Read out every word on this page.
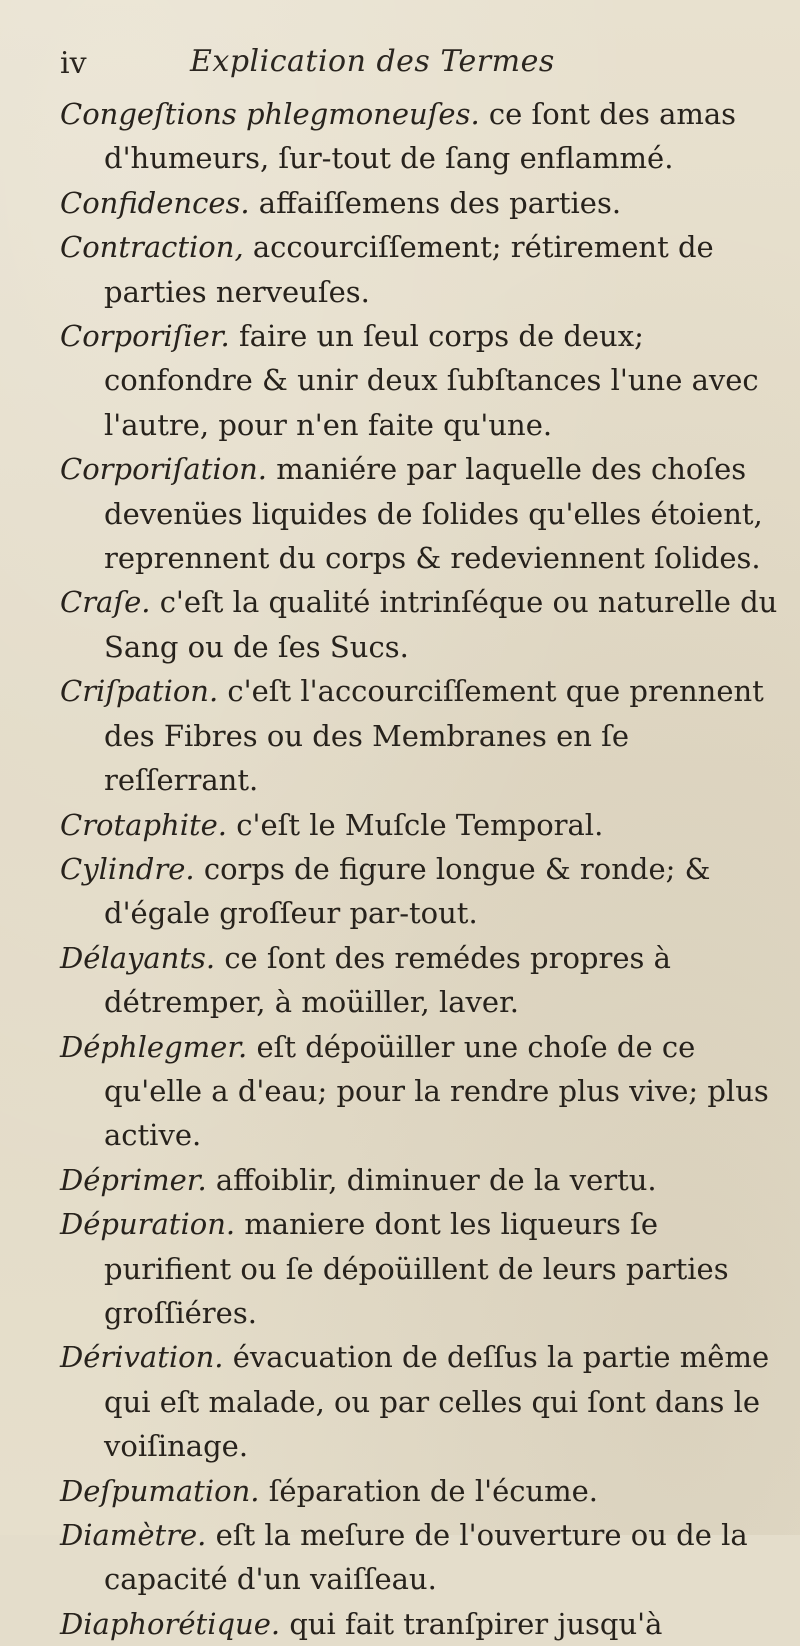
iv	Explication des Termes

Congeſtions phlegmoneuſes. ce ſont des amas d'humeurs, ſur-tout de ſang enflammé.

Confidences. affaiſſemens des parties.

Contraction, accourciſſement; rétirement de parties nerveuſes.

Corporiſier. faire un ſeul corps de deux; confondre & unir deux ſubſtances l'une avec l'autre, pour n'en faite qu'une.

Corporiſation. maniére par laquelle des choſes devenües liquides de ſolides qu'elles étoient, reprennent du corps & redeviennent ſolides.

Craſe. c'eſt la qualité intrinſéque ou naturelle du Sang ou de ſes Sucs.

Criſpation. c'eſt l'accourciſſement que prennent des Fibres ou des Membranes en ſe reſſerrant.

Crotaphite. c'eſt le Muſcle Temporal.

Cylindre. corps de figure longue & ronde; & d'égale groſſeur par-tout.

Délayants. ce ſont des remédes propres à détremper, à moüiller, laver.

Déphlegmer. eſt dépoüiller une choſe de ce qu'elle a d'eau; pour la rendre plus vive; plus active.

Déprimer. affoiblir, diminuer de la vertu.

Dépuration. maniere dont les liqueurs ſe purifient ou ſe dépoüillent de leurs parties groſſiéres.

Dérivation. évacuation de deſſus la partie même qui eſt malade, ou par celles qui ſont dans le voiſinage.

Deſpumation. ſéparation de l'écume.

Diamètre. eſt la meſure de l'ouverture ou de la capacité d'un vaiſſeau.

Diaphorétique. qui fait tranſpirer jusqu'à
